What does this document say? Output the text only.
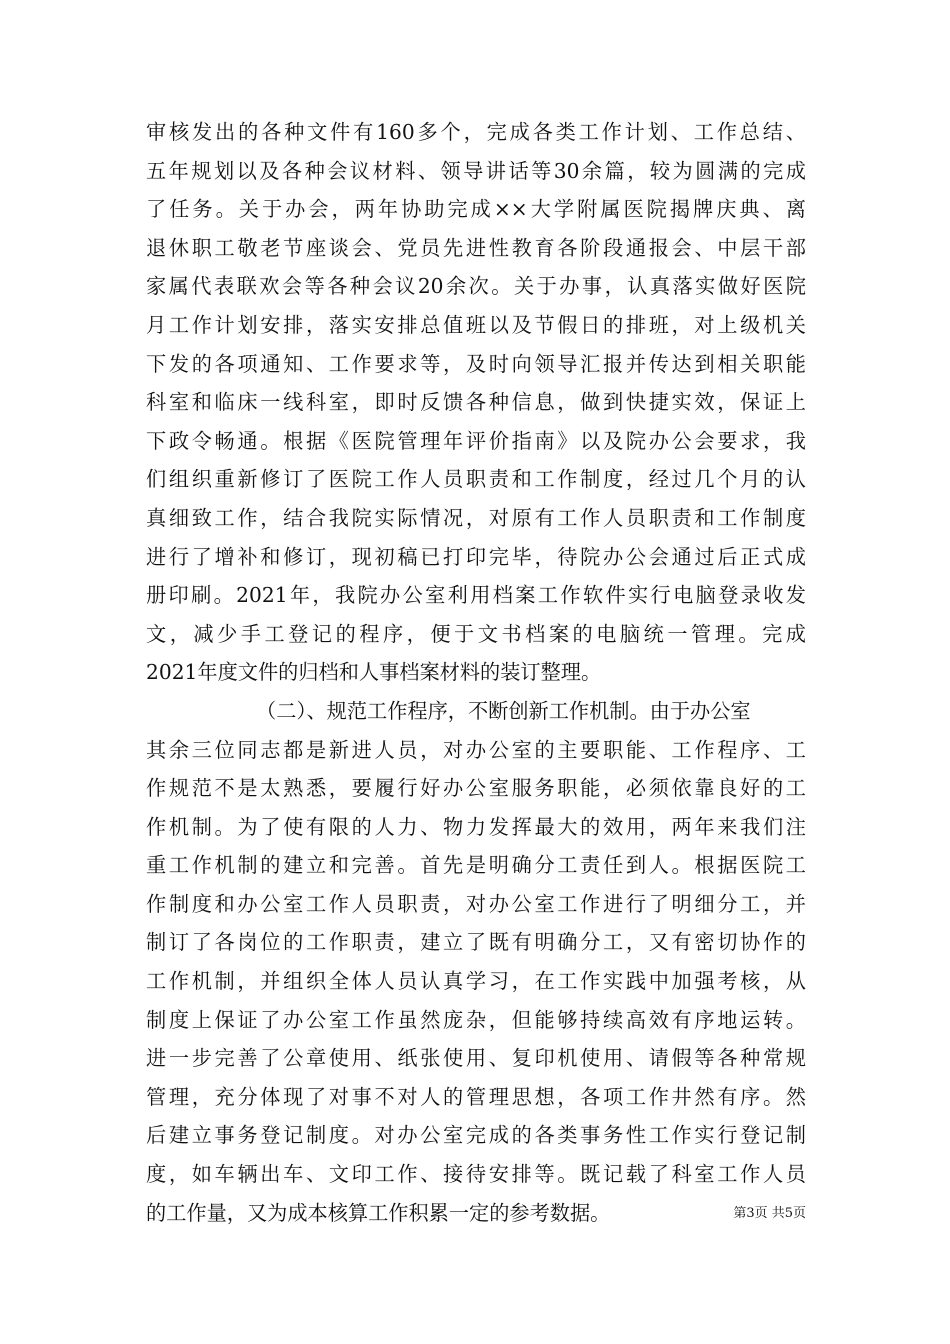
审核发出的各种文件有160多个，完成各类工作计划、工作总结、
五年规划以及各种会议材料、领导讲话等30余篇，较为圆满的完成
了任务。关于办会，两年协助完成××大学附属医院揭牌庆典、离
退休职工敬老节座谈会、党员先进性教育各阶段通报会、中层干部
家属代表联欢会等各种会议20余次。关于办事，认真落实做好医院
月工作计划安排，落实安排总值班以及节假日的排班，对上级机关
下发的各项通知、工作要求等，及时向领导汇报并传达到相关职能
科室和临床一线科室，即时反馈各种信息，做到快捷实效，保证上
下政令畅通。根据《医院管理年评价指南》以及院办公会要求，我
们组织重新修订了医院工作人员职责和工作制度，经过几个月的认
真细致工作，结合我院实际情况，对原有工作人员职责和工作制度
进行了增补和修订，现初稿已打印完毕，待院办公会通过后正式成
册印刷。2021年，我院办公室利用档案工作软件实行电脑登录收发
文，减少手工登记的程序，便于文书档案的电脑统一管理。完成
2021年度文件的归档和人事档案材料的装订整理。
（二）、规范工作程序，不断创新工作机制。由于办公室
其余三位同志都是新进人员，对办公室的主要职能、工作程序、工
作规范不是太熟悉，要履行好办公室服务职能，必须依靠良好的工
作机制。为了使有限的人力、物力发挥最大的效用，两年来我们注
重工作机制的建立和完善。首先是明确分工责任到人。根据医院工
作制度和办公室工作人员职责，对办公室工作进行了明细分工，并
制订了各岗位的工作职责，建立了既有明确分工，又有密切协作的
工作机制，并组织全体人员认真学习，在工作实践中加强考核，从
制度上保证了办公室工作虽然庞杂，但能够持续高效有序地运转。
进一步完善了公章使用、纸张使用、复印机使用、请假等各种常规
管理，充分体现了对事不对人的管理思想，各项工作井然有序。然
后建立事务登记制度。对办公室完成的各类事务性工作实行登记制
度，如车辆出车、文印工作、接待安排等。既记载了科室工作人员
的工作量，又为成本核算工作积累一定的参考数据。	第3页 共5页
